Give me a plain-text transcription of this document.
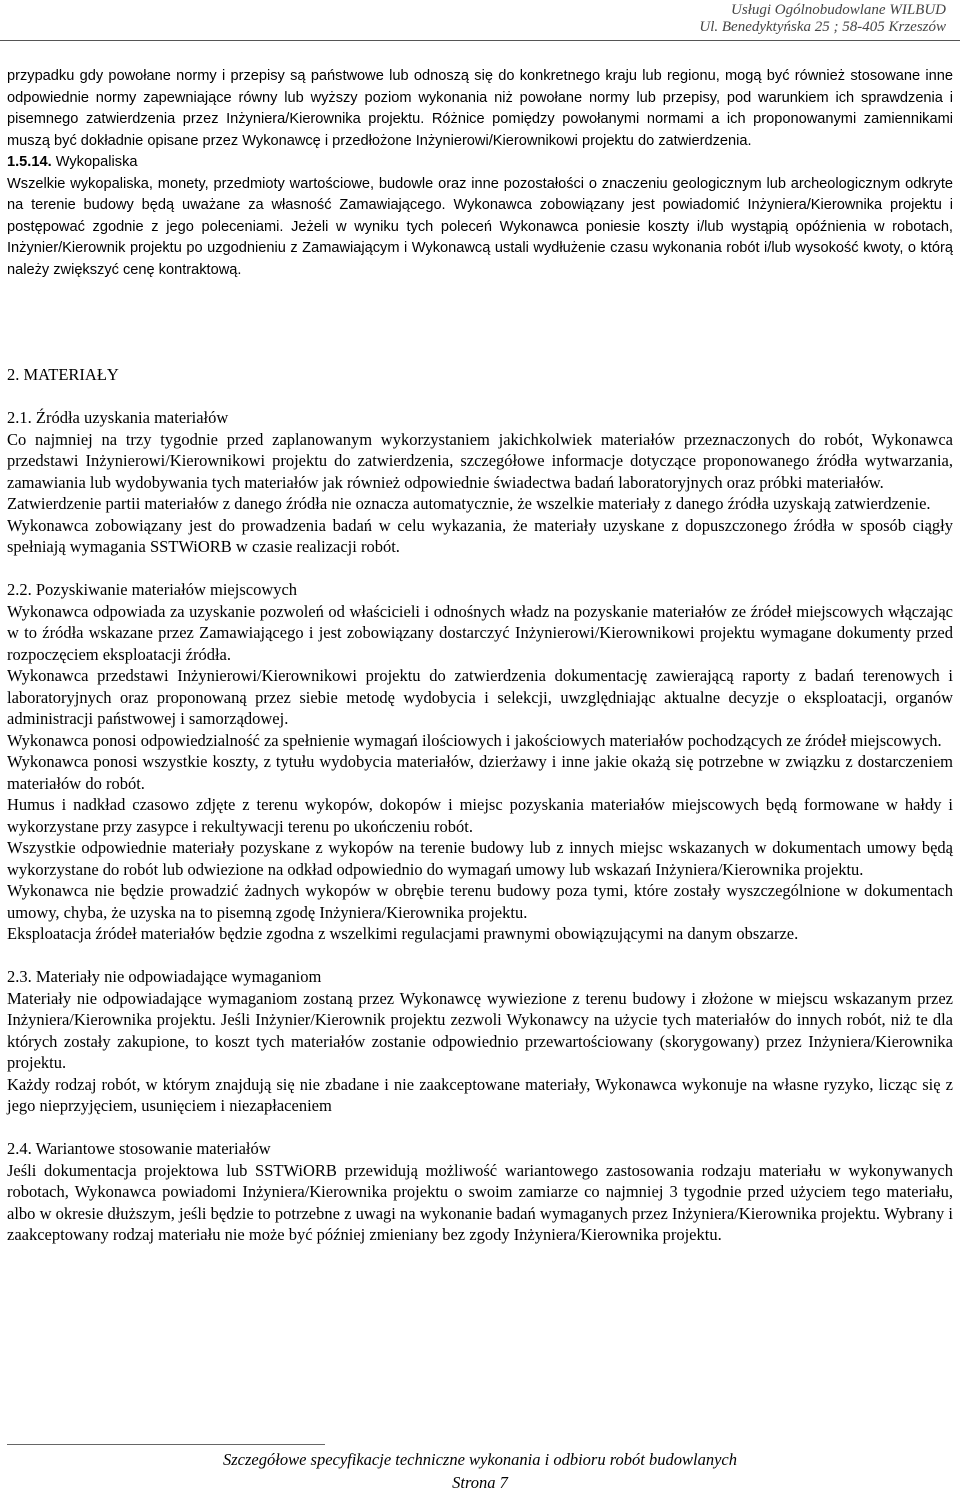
Usługi Ogólnobudowlane WILBUD
Ul. Benedyktyńska 25 ; 58-405 Krzeszów

przypadku gdy powołane normy i przepisy są państwowe lub odnoszą się do konkretnego kraju lub regionu, mogą być również stosowane inne odpowiednie normy zapewniające równy lub wyższy poziom wykonania niż powołane normy lub przepisy, pod warunkiem ich sprawdzenia i pisemnego zatwierdzenia przez Inżyniera/Kierownika projektu. Różnice pomiędzy powołanymi normami a ich proponowanymi zamiennikami muszą być dokładnie opisane przez Wykonawcę i przedłożone Inżynierowi/Kierownikowi projektu do zatwierdzenia.

1.5.14. Wykopaliska

Wszelkie wykopaliska, monety, przedmioty wartościowe, budowle oraz inne pozostałości o znaczeniu geologicznym lub archeologicznym odkryte na terenie budowy będą uważane za własność Zamawiającego. Wykonawca zobowiązany jest powiadomić Inżyniera/Kierownika projektu i postępować zgodnie z jego poleceniami. Jeżeli w wyniku tych poleceń Wykonawca poniesie koszty i/lub wystąpią opóźnienia w robotach, Inżynier/Kierownik projektu po uzgodnieniu z Zamawiającym i Wykonawcą ustali wydłużenie czasu wykonania robót i/lub wysokość kwoty, o którą należy zwiększyć cenę kontraktową.

2. MATERIAŁY

2.1. Źródła uzyskania materiałów

Co najmniej na trzy tygodnie przed zaplanowanym wykorzystaniem jakichkolwiek materiałów przeznaczonych do robót, Wykonawca przedstawi Inżynierowi/Kierownikowi projektu do zatwierdzenia, szczegółowe informacje dotyczące proponowanego źródła wytwarzania, zamawiania lub wydobywania tych materiałów jak również odpowiednie świadectwa badań laboratoryjnych oraz próbki materiałów.

Zatwierdzenie partii materiałów z danego źródła nie oznacza automatycznie, że wszelkie materiały z danego źródła uzyskają zatwierdzenie.

Wykonawca zobowiązany jest do prowadzenia badań w celu wykazania, że materiały uzyskane z dopuszczonego źródła w sposób ciągły spełniają wymagania SSTWiORB w czasie realizacji robót.

2.2. Pozyskiwanie materiałów miejscowych

Wykonawca odpowiada za uzyskanie pozwoleń od właścicieli i odnośnych władz na pozyskanie materiałów ze źródeł miejscowych włączając w to źródła wskazane przez Zamawiającego i jest zobowiązany dostarczyć Inżynierowi/Kierownikowi projektu wymagane dokumenty przed rozpoczęciem eksploatacji źródła.

Wykonawca przedstawi Inżynierowi/Kierownikowi projektu do zatwierdzenia dokumentację zawierającą raporty z badań terenowych i laboratoryjnych oraz proponowaną przez siebie metodę wydobycia i selekcji, uwzględniając aktualne decyzje o eksploatacji, organów administracji państwowej i samorządowej.

Wykonawca ponosi odpowiedzialność za spełnienie wymagań ilościowych i jakościowych materiałów pochodzących ze źródeł miejscowych.

Wykonawca ponosi wszystkie koszty, z tytułu wydobycia materiałów, dzierżawy i inne jakie okażą się potrzebne w związku z dostarczeniem materiałów do robót.

Humus i nadkład czasowo zdjęte z terenu wykopów, dokopów i miejsc pozyskania materiałów miejscowych będą formowane w hałdy i wykorzystane przy zasypce i rekultywacji terenu po ukończeniu robót.

Wszystkie odpowiednie materiały pozyskane z wykopów na terenie budowy lub z innych miejsc wskazanych w dokumentach umowy będą wykorzystane do robót lub odwiezione na odkład odpowiednio do wymagań umowy lub wskazań Inżyniera/Kierownika projektu.

Wykonawca nie będzie prowadzić żadnych wykopów w obrębie terenu budowy poza tymi, które zostały wyszczególnione w dokumentach umowy, chyba, że uzyska na to pisemną zgodę Inżyniera/Kierownika projektu.

Eksploatacja źródeł materiałów będzie zgodna z wszelkimi regulacjami prawnymi obowiązującymi na danym obszarze.

2.3. Materiały nie odpowiadające wymaganiom

Materiały nie odpowiadające wymaganiom zostaną przez Wykonawcę wywiezione z terenu budowy i złożone w miejscu wskazanym przez Inżyniera/Kierownika projektu. Jeśli Inżynier/Kierownik projektu zezwoli Wykonawcy na użycie tych materiałów do innych robót, niż te dla których zostały zakupione, to koszt tych materiałów zostanie odpowiednio przewartościowany (skorygowany) przez Inżyniera/Kierownika projektu.

Każdy rodzaj robót, w którym znajdują się nie zbadane i nie zaakceptowane materiały, Wykonawca wykonuje na własne ryzyko, licząc się z jego nieprzyjęciem, usunięciem i niezapłaceniem

2.4. Wariantowe stosowanie materiałów

Jeśli dokumentacja projektowa lub SSTWiORB przewidują możliwość wariantowego zastosowania rodzaju materiału w wykonywanych robotach, Wykonawca powiadomi Inżyniera/Kierownika projektu o swoim zamiarze co najmniej 3 tygodnie przed użyciem tego materiału, albo w okresie dłuższym, jeśli będzie to potrzebne z uwagi na wykonanie badań wymaganych przez Inżyniera/Kierownika projektu. Wybrany i zaakceptowany rodzaj materiału nie może być później zmieniany bez zgody Inżyniera/Kierownika projektu.

Szczegółowe specyfikacje techniczne wykonania i odbioru robót budowlanych
Strona 7
